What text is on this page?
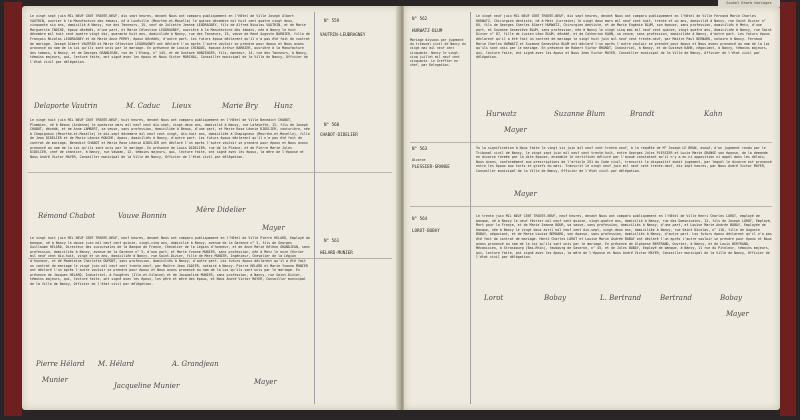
Souhel Kharb mariages

Le vingt sept juin MIL NEUF CENT TRENTE-NEUF, dix sept heures, devant Nous ont comparu publiquement en l'Hôtel de Ville Joseph Albert VAUTRIN, ouvrier à la Manufacture des tabacs, né à Lunéville (Meurthe-et-Moselle) le quinze décembre mil huit cent quatre vingt deux, cinquante six ans, domicilié à Nancy, rue des Tanneurs, 15, veuf de Juliette Jeanne LEUDRAGNEY, fils de Alfred Nicolas VAUTRIN, et de Marie Marguerite INOCHE, époux décédés, d'une part, et Marie Célestine LEUDRAGNEY, ouvrière à la Manufacture des tabacs, née à Nancy le huit décembre mil huit cent quatre vingt dix, quarante huit ans, domiciliée à Nancy, rue des Tanneurs, 15, veuve de René Auguste BARBIER, fille de François Nicolas LEUDRAGNEY et de Marie Anne PERRY, époux décédés, d'autre part. Les futurs époux déclarent qu'il n'a pas été fait de contrat de mariage. Joseph Albert VAUTRIN et Marie Célestine LEUDRAGNEY ont déclaré l'un après l'autre vouloir se prendre pour époux et Nous avons prononcé au nom de la Loi qu'ils sont unis par le mariage. En présence de Louise CHINOUX, épouse Arthur BARBIER, ouvrière à la Manufacture des tabacs, à Nancy, et de Georges GRANDJEAN, rue de l'Etang, n° 145, et de Gustave HUNZINGER, fils, monteur, 14, rue des Tanneurs, à Nancy, témoins majeurs, qui, lecture faite, ont signé avec les époux et Nous Victor MARCHAL, Conseiller municipal de la Ville de Nancy, Officier de l'état civil par délégation.

N° 559

VAUTRIN-LEUDRAGNEY

Delaporte Vautrin	M. Caduc Lieux	Marie Bry Hunz

Le vingt huit juin MIL NEUF CENT TRENTE-NEUF, huit heures, devant Nous ont comparu publiquement en l'Hôtel de Ville Benedict CHABOT, Plombier, né à Beaux (Ardenne) le quatorze mars mil neuf cent dix-sept, vingt-deux ans, domicilié à Nancy, rue Lafayette, 12, fils de Joseph CHABOT, décédé, et de Anne LAMBERT, sa veuve, sans profession, domiciliée à Beaux, d'une part, et Marie Rose Léonie DIDELIER, couturière, née à Chapigneux (Meurthe-et-Moselle) le dix-sept décembre mil neuf cent vingt, dix-huit ans, domiciliée à Chapigneux (Meurthe-et-Moselle), fille de Jean DIDELIER et de Marie Léonie ROUCHE, époux, domiciliés à Nancy, d'autre part. Les futurs époux déclarent qu'il n'a pas été fait de contrat de mariage. Benedict CHABOT et Marie Rose Léonie DIDELIER ont déclaré l'un après l'autre vouloir se prendre pour époux et Nous avons prononcé au nom de la Loi qu'ils sont unis par le mariage. En présence de Louis DIDELIER, rue de la Plaine, et de Pierre Marie Jules DIDELIER, chef de chantier, à Nancy, rue Vauban, 12, témoins majeurs, qui, lecture faite, ont signé avec les époux, la mère de l'épouse et Nous André Victor MAYER, Conseiller municipal de la Ville de Nancy, Officier de l'état civil par délégation.

N° 560

CHABOT-DIDELIER

Rémond Chabot	Vauve Bonnin
Mère Didelier
Mayer

Le vingt huit juin MIL NEUF CENT TRENTE-NEUF, neuf heures, devant Nous ont comparu publiquement en l'Hôtel de Ville Pierre HELARD, Employé de banque, né à Nancy le douze juin mil neuf cent quinze, vingt-cinq ans, domicilié à Nancy, avenue de la Garenne n° 3, fils de Georges Guillaume HELARD, Directeur des succursales de la Banque de France, Chevalier de la Légion d'honneur, et de Anne Marie Hélène GRANDJEAN, sans profession, domiciliés à Nancy, avenue de la Garenne n° 3, d'une part, et Marie Yvonne MUNIER, sans profession, née à Metz le onze février mil neuf cent dix-huit, vingt et un ans, domiciliée à Nancy, rue Saint-Dizier, fille de Marc MUNIER, Ingénieur, Chevalier de la Légion d'honneur, et de Madeleine Charlotte DUPONT, sans profession, domiciliés à Nancy, d'autre part. Les futurs époux déclarent qu'il a été fait un contrat de mariage le vingt juin mil neuf cent trente-neuf, par Maître Jean CADIER, notaire à Nancy. Pierre HELARD et Marie Yvonne MUNIER ont déclaré l'un après l'autre vouloir se prendre pour époux et Nous avons prononcé au nom de la Loi qu'ils sont unis par le mariage. En présence de Jacques HELARD, Industriel, à Fougères (Ille-et-Vilaine) et de Jacqueline MUNIER, sans profession, à Nancy, rue Saint-Dizier, témoins majeurs, qui, lecture faite, ont signé avec les époux, les père et mère des époux, et Nous André Victor MAYER, Conseiller municipal de la Ville de Nancy, Officier de l'état civil par délégation.

N° 561

HELARD-MUNIER

Pierre Hélard M. Hélard	A. Grandjean
Munier
Jacqueline Munier	Mayer

N° 562

HURWATZ-BLUM

Mariage dissous par jugement du tribunal civil de Nancy du vingt mai mil neuf cent cinquante. Nancy le vingt-cinq juillet mil neuf cent cinquante. Le Greffier en chef, par Delegation.

Le vingt neuf juin MIL NEUF CENT TRENTE-NEUF, dix sept heures, devant Nous ont comparu publiquement en l'Hôtel de Ville Fernand Marie Charles HURWATZ, Chirurgien dentiste, né à Metz (Lorraine) le vingt deux mars mil neuf cent huit, trente et un ans, domicilié à Nancy, rue Saint Dizier n° 85, fils de Georges Charles Albert HURWATZ, Chirurgien dentiste, et de Marie Eugénie BLUM, son épouse, sans profession, domiciliés à Metz, d'une part, et Suzanne Geneviève BLUM, sans profession, née à Nancy le vingt cinq mai mil neuf cent quinze, vingt quatre ans, domiciliée à Nancy, rue Saint Dizier n° 87, fille de Lucien Léon BLUM, décédé, et de Catherine KAHN, sa veuve, sans profession, domiciliée à Nancy, d'autre part. Les futurs époux déclarent qu'il a été fait un contrat de mariage le vingt huit juin mil neuf cent trente-neuf, par Maître Paul BERNARD, notaire à Nancy. Fernand Marie Charles HURWATZ et Suzanne Geneviève BLUM ont déclaré l'un après l'autre vouloir se prendre pour époux et Nous avons prononcé au nom de la Loi qu'ils sont unis par le mariage. En présence de Robert Victor BRANDT, Industriel, à Nancy, et de Gustave KAHN, négociant, à Nancy, témoins majeurs, qui, lecture faite, ont signé avec les époux et Nous Jean Victor MAYER, Conseiller municipal de la Ville de Nancy, Officier de l'état civil par délégation.

Hurwatz	Suzanne Blum	Brandt	Kahn
Mayer

N° 563

Divorce

PLESSIER-GRANGE

Vu la signification à Nous faite le vingt six juin mil neuf cent trente-neuf, à la requête de M° Joseph LE BRUN, avoué, d'un jugement rendu par le Tribunal civil de Nancy, le vingt sept juin mil neuf cent trente-huit, entre Georges Jules PLESSIER et Lucie Marie GRANGE son épouse, de la demande en divorce formée par la dite épouse, ensemble le certificat délivré par l'avoué constatant qu'il n'y a eu ni opposition ni appel dans les délais, Nous avons, conformément aux prescriptions de l'article 251 du Code civil, transcrit le dispositif dudit jugement, par lequel le divorce est prononcé entre les époux aux torts et griefs du mari. Transcrit le vingt neuf juin mil neuf cent trente-neuf, dix sept heures, par Nous André Victor MAYER, Conseiller municipal de la Ville de Nancy, Officier de l'état civil par délégation.

Mayer

N° 564

LOROT-BOBAY

Le trente juin MIL NEUF CENT TRENTE-NEUF, neuf heures, devant Nous ont comparu publiquement en l'Hôtel de Ville Henri Charles LOROT, employé de banque, né à Nancy le neuf février mil neuf cent quinze, vingt-quatre ans, domicilié à Nancy, rue des Dominicains, 12, fils de Joseph LOROT, Employé, Mort pour la France, et de Marie Jeanne BOUR, sa veuve, sans profession, domiciliés à Nancy, d'une part, et Louise Marie Andrée BOBAY, Employée de banque, née à Nancy le vingt deux avril mil neuf cent dix-sept, vingt-deux ans, domiciliée à Nancy, rue Saint Nicolas, n° 118, fille de Auguste BOBAY, négociant, et de Marie Louise BERNARD, son épouse, sans profession, domiciliés à Nancy, d'autre part. Les futurs époux déclarent qu'il n'a pas été fait de contrat de mariage. Henri Charles LOROT et Louise Marie Andrée BOBAY ont déclaré l'un après l'autre vouloir se prendre pour époux et Nous avons prononcé au nom de la Loi qu'ils sont unis par le mariage. En présence de Alphonse BERTRAND, Ouvrier, à Nancy, et de Louis BERTRAND, Mécanicien, à Strasbourg (Bas-Rhin), faubourg de Saverne, n° 45, et de Jules BOBAY, Employé de banque, à Nancy, 11 rue du Pitoleur, témoins majeurs, qui, lecture faite, ont signé avec les époux, la mère de l'épouse et Nous André Victor MAYER, Conseiller municipal de la Ville de Nancy, Officier de l'état civil par délégation.

Lorot	Bobay	L. Bertrand	Bertrand	Bobay
Mayer
